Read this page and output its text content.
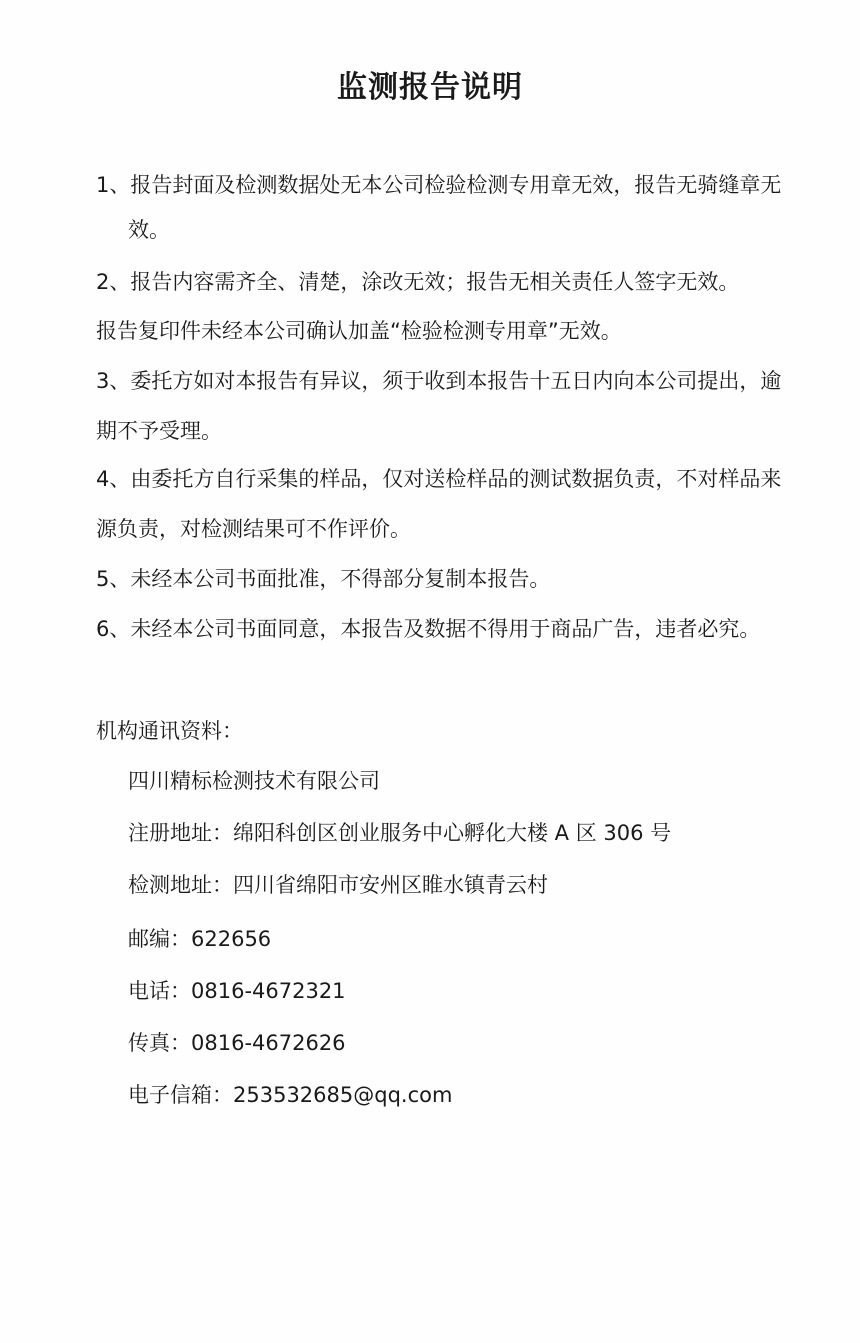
监测报告说明
1、报告封面及检测数据处无本公司检验检测专用章无效，报告无骑缝章无
效。
2、报告内容需齐全、清楚，涂改无效；报告无相关责任人签字无效。
报告复印件未经本公司确认加盖“检验检测专用章”无效。
3、委托方如对本报告有异议，须于收到本报告十五日内向本公司提出，逾
期不予受理。
4、由委托方自行采集的样品，仅对送检样品的测试数据负责，不对样品来
源负责，对检测结果可不作评价。
5、未经本公司书面批准，不得部分复制本报告。
6、未经本公司书面同意，本报告及数据不得用于商品广告，违者必究。
机构通讯资料：
四川精标检测技术有限公司
注册地址：绵阳科创区创业服务中心孵化大楼 A 区 306 号
检测地址：四川省绵阳市安州区睢水镇青云村
邮编：622656
电话：0816-4672321
传真：0816-4672626
电子信箱：253532685@qq.com
